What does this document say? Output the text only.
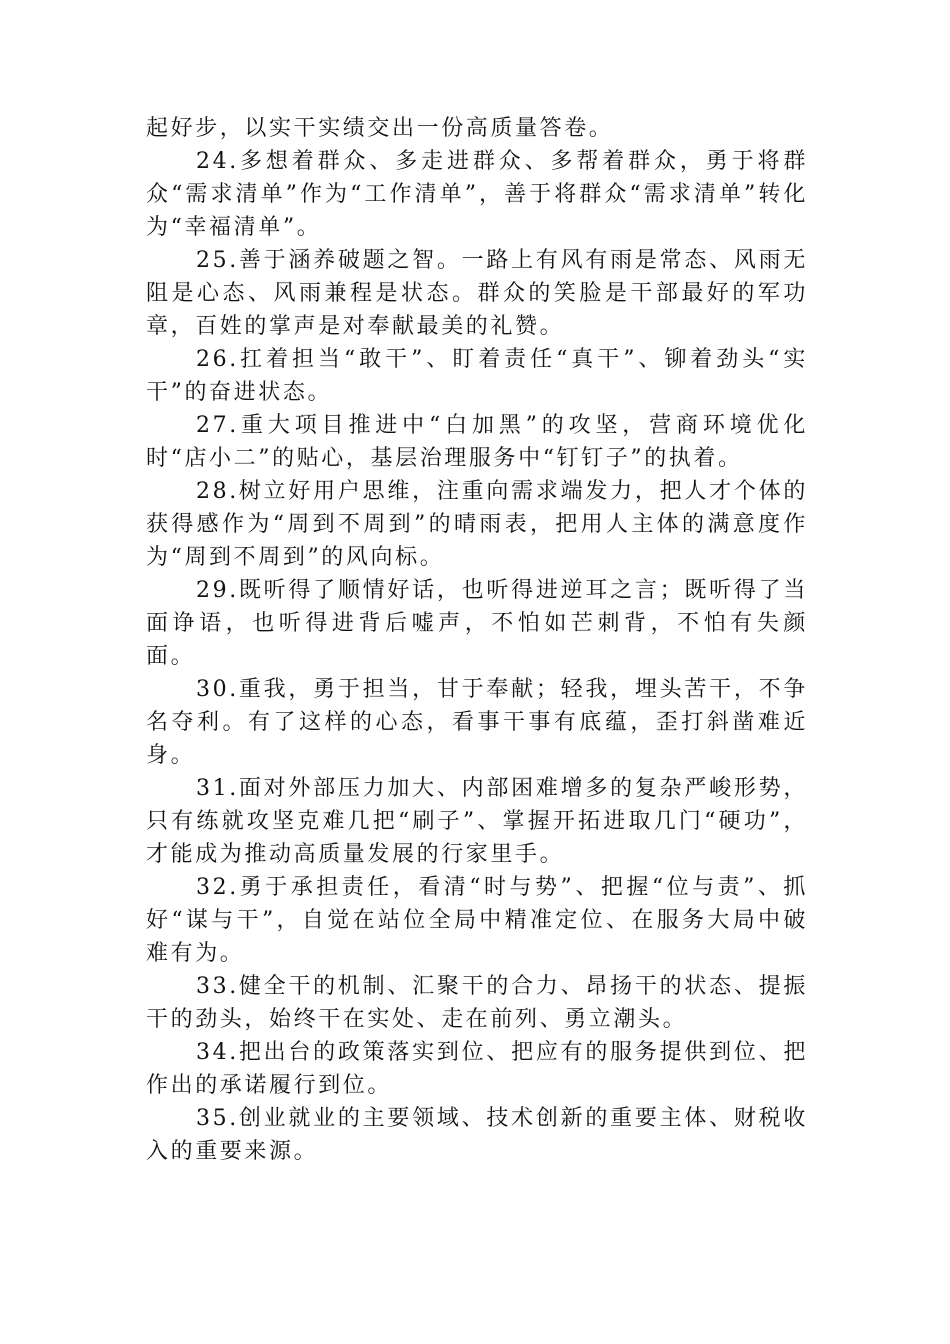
起好步，以实干实绩交出一份高质量答卷。

24.多想着群众、多走进群众、多帮着群众，勇于将群众“需求清单”作为“工作清单”，善于将群众“需求清单”转化为“幸福清单”。

25.善于涵养破题之智。一路上有风有雨是常态、风雨无阻是心态、风雨兼程是状态。群众的笑脸是干部最好的军功章，百姓的掌声是对奉献最美的礼赞。

26.扛着担当“敢干”、盯着责任“真干”、铆着劲头“实干”的奋进状态。

27.重大项目推进中“白加黑”的攻坚，营商环境优化时“店小二”的贴心，基层治理服务中“钉钉子”的执着。

28.树立好用户思维，注重向需求端发力，把人才个体的获得感作为“周到不周到”的晴雨表，把用人主体的满意度作为“周到不周到”的风向标。

29.既听得了顺情好话，也听得进逆耳之言；既听得了当面诤语，也听得进背后嘘声，不怕如芒刺背，不怕有失颜面。

30.重我，勇于担当，甘于奉献；轻我，埋头苦干，不争名夺利。有了这样的心态，看事干事有底蕴，歪打斜凿难近身。

31.面对外部压力加大、内部困难增多的复杂严峻形势，只有练就攻坚克难几把“刷子”、掌握开拓进取几门“硬功”，才能成为推动高质量发展的行家里手。

32.勇于承担责任，看清“时与势”、把握“位与责”、抓好“谋与干”，自觉在站位全局中精准定位、在服务大局中破难有为。

33.健全干的机制、汇聚干的合力、昂扬干的状态、提振干的劲头，始终干在实处、走在前列、勇立潮头。

34.把出台的政策落实到位、把应有的服务提供到位、把作出的承诺履行到位。

35.创业就业的主要领域、技术创新的重要主体、财税收入的重要来源。
